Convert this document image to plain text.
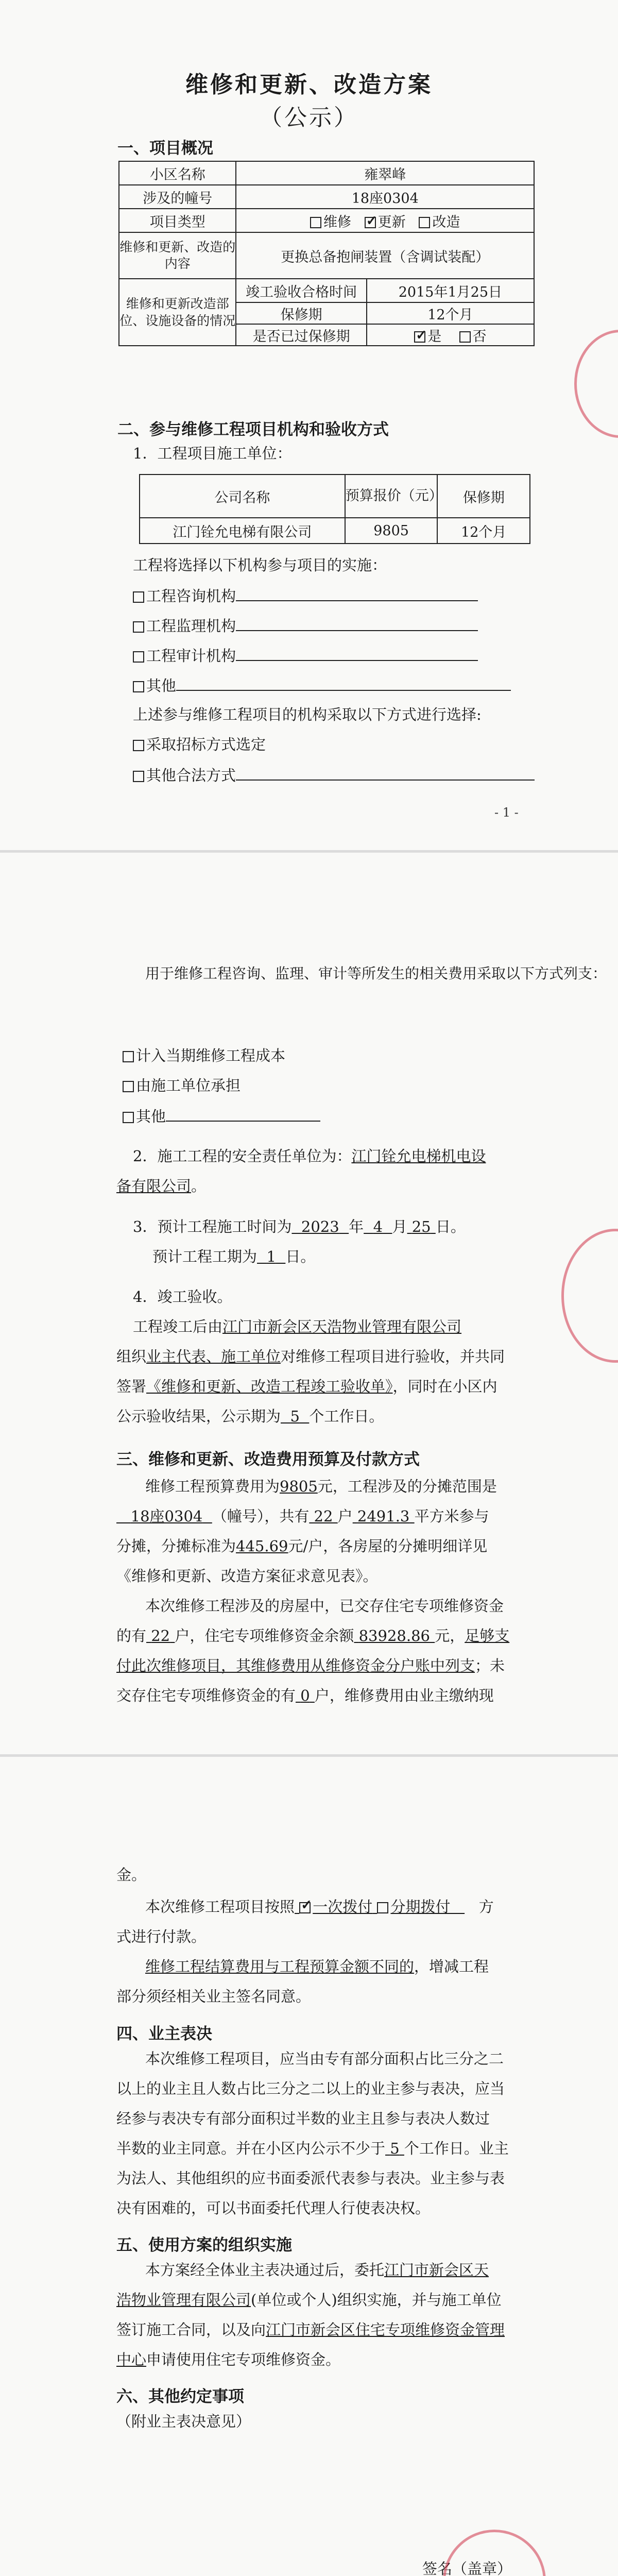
维修和更新、改造方案
（公示）
一、项目概况
小区名称	雍翠峰	
涉及的幢号	18座0304	
项目类型	维修 ✓ 更新 改造
维修和更新、改造的内容	更换总备抱闸装置（含调试装配）	
维修和更新改造部位、设施设备的情况	竣工验收合格时间	2015年1月25日
	保修期	12个月
	是否已过保修期	✓是 否
二、参与维修工程项目机构和验收方式
1．工程项目施工单位：
公司名称	预算报价（元）	保修期
江门铨允电梯有限公司	9805	12个月
工程将选择以下机构参与项目的实施：
工程咨询机构
工程监理机构
工程审计机构
其他
上述参与维修工程项目的机构采取以下方式进行选择:
采取招标方式选定
其他合法方式
- 1 -
用于维修工程咨询、监理、审计等所发生的相关费用采取以下方式列支：
计入当期维修工程成本
由施工单位承担
其他
2．施工工程的安全责任单位为：江门铨允电梯机电设
备有限公司。
3．预计工程施工时间为 2023 年 4 月 25 日。
预计工程工期为 1 日。
4．竣工验收。
工程竣工后由江门市新会区天浩物业管理有限公司
组织业主代表、施工单位对维修工程项目进行验收，并共同
签署《维修和更新、改造工程竣工验收单》，同时在小区内
公示验收结果，公示期为 5 个工作日。
三、维修和更新、改造费用预算及付款方式
维修工程预算费用为9805元，工程涉及的分摊范围是
18座0304 （幢号），共有 22 户 2491.3 平方米参与
分摊，分摊标准为445.69元/户，各房屋的分摊明细详见
《维修和更新、改造方案征求意见表》。
本次维修工程涉及的房屋中，已交存住宅专项维修资金
的有 22 户，住宅专项维修资金余额 83928.86 元，足够支
付此次维修项目，其维修费用从维修资金分户账中列支；未
交存住宅专项维修资金的有 0 户，维修费用由业主缴纳现
金。
本次维修工程项目按照 ✓ 一次拨付 分期拨付 方
式进行付款。
维修工程结算费用与工程预算金额不同的，增减工程
部分须经相关业主签名同意。
四、业主表决
本次维修工程项目，应当由专有部分面积占比三分之二
以上的业主且人数占比三分之二以上的业主参与表决，应当
经参与表决专有部分面积过半数的业主且参与表决人数过
半数的业主同意。并在小区内公示不少于 5 个工作日。业主
为法人、其他组织的应书面委派代表参与表决。业主参与表
决有困难的，可以书面委托代理人行使表决权。
五、使用方案的组织实施
本方案经全体业主表决通过后，委托江门市新会区天
浩物业管理有限公司(单位或个人)组织实施，并与施工单位
签订施工合同，以及向江门市新会区住宅专项维修资金管理
中心申请使用住宅专项维修资金。
六、其他约定事项
（附业主表决意见）
签名（盖章）
